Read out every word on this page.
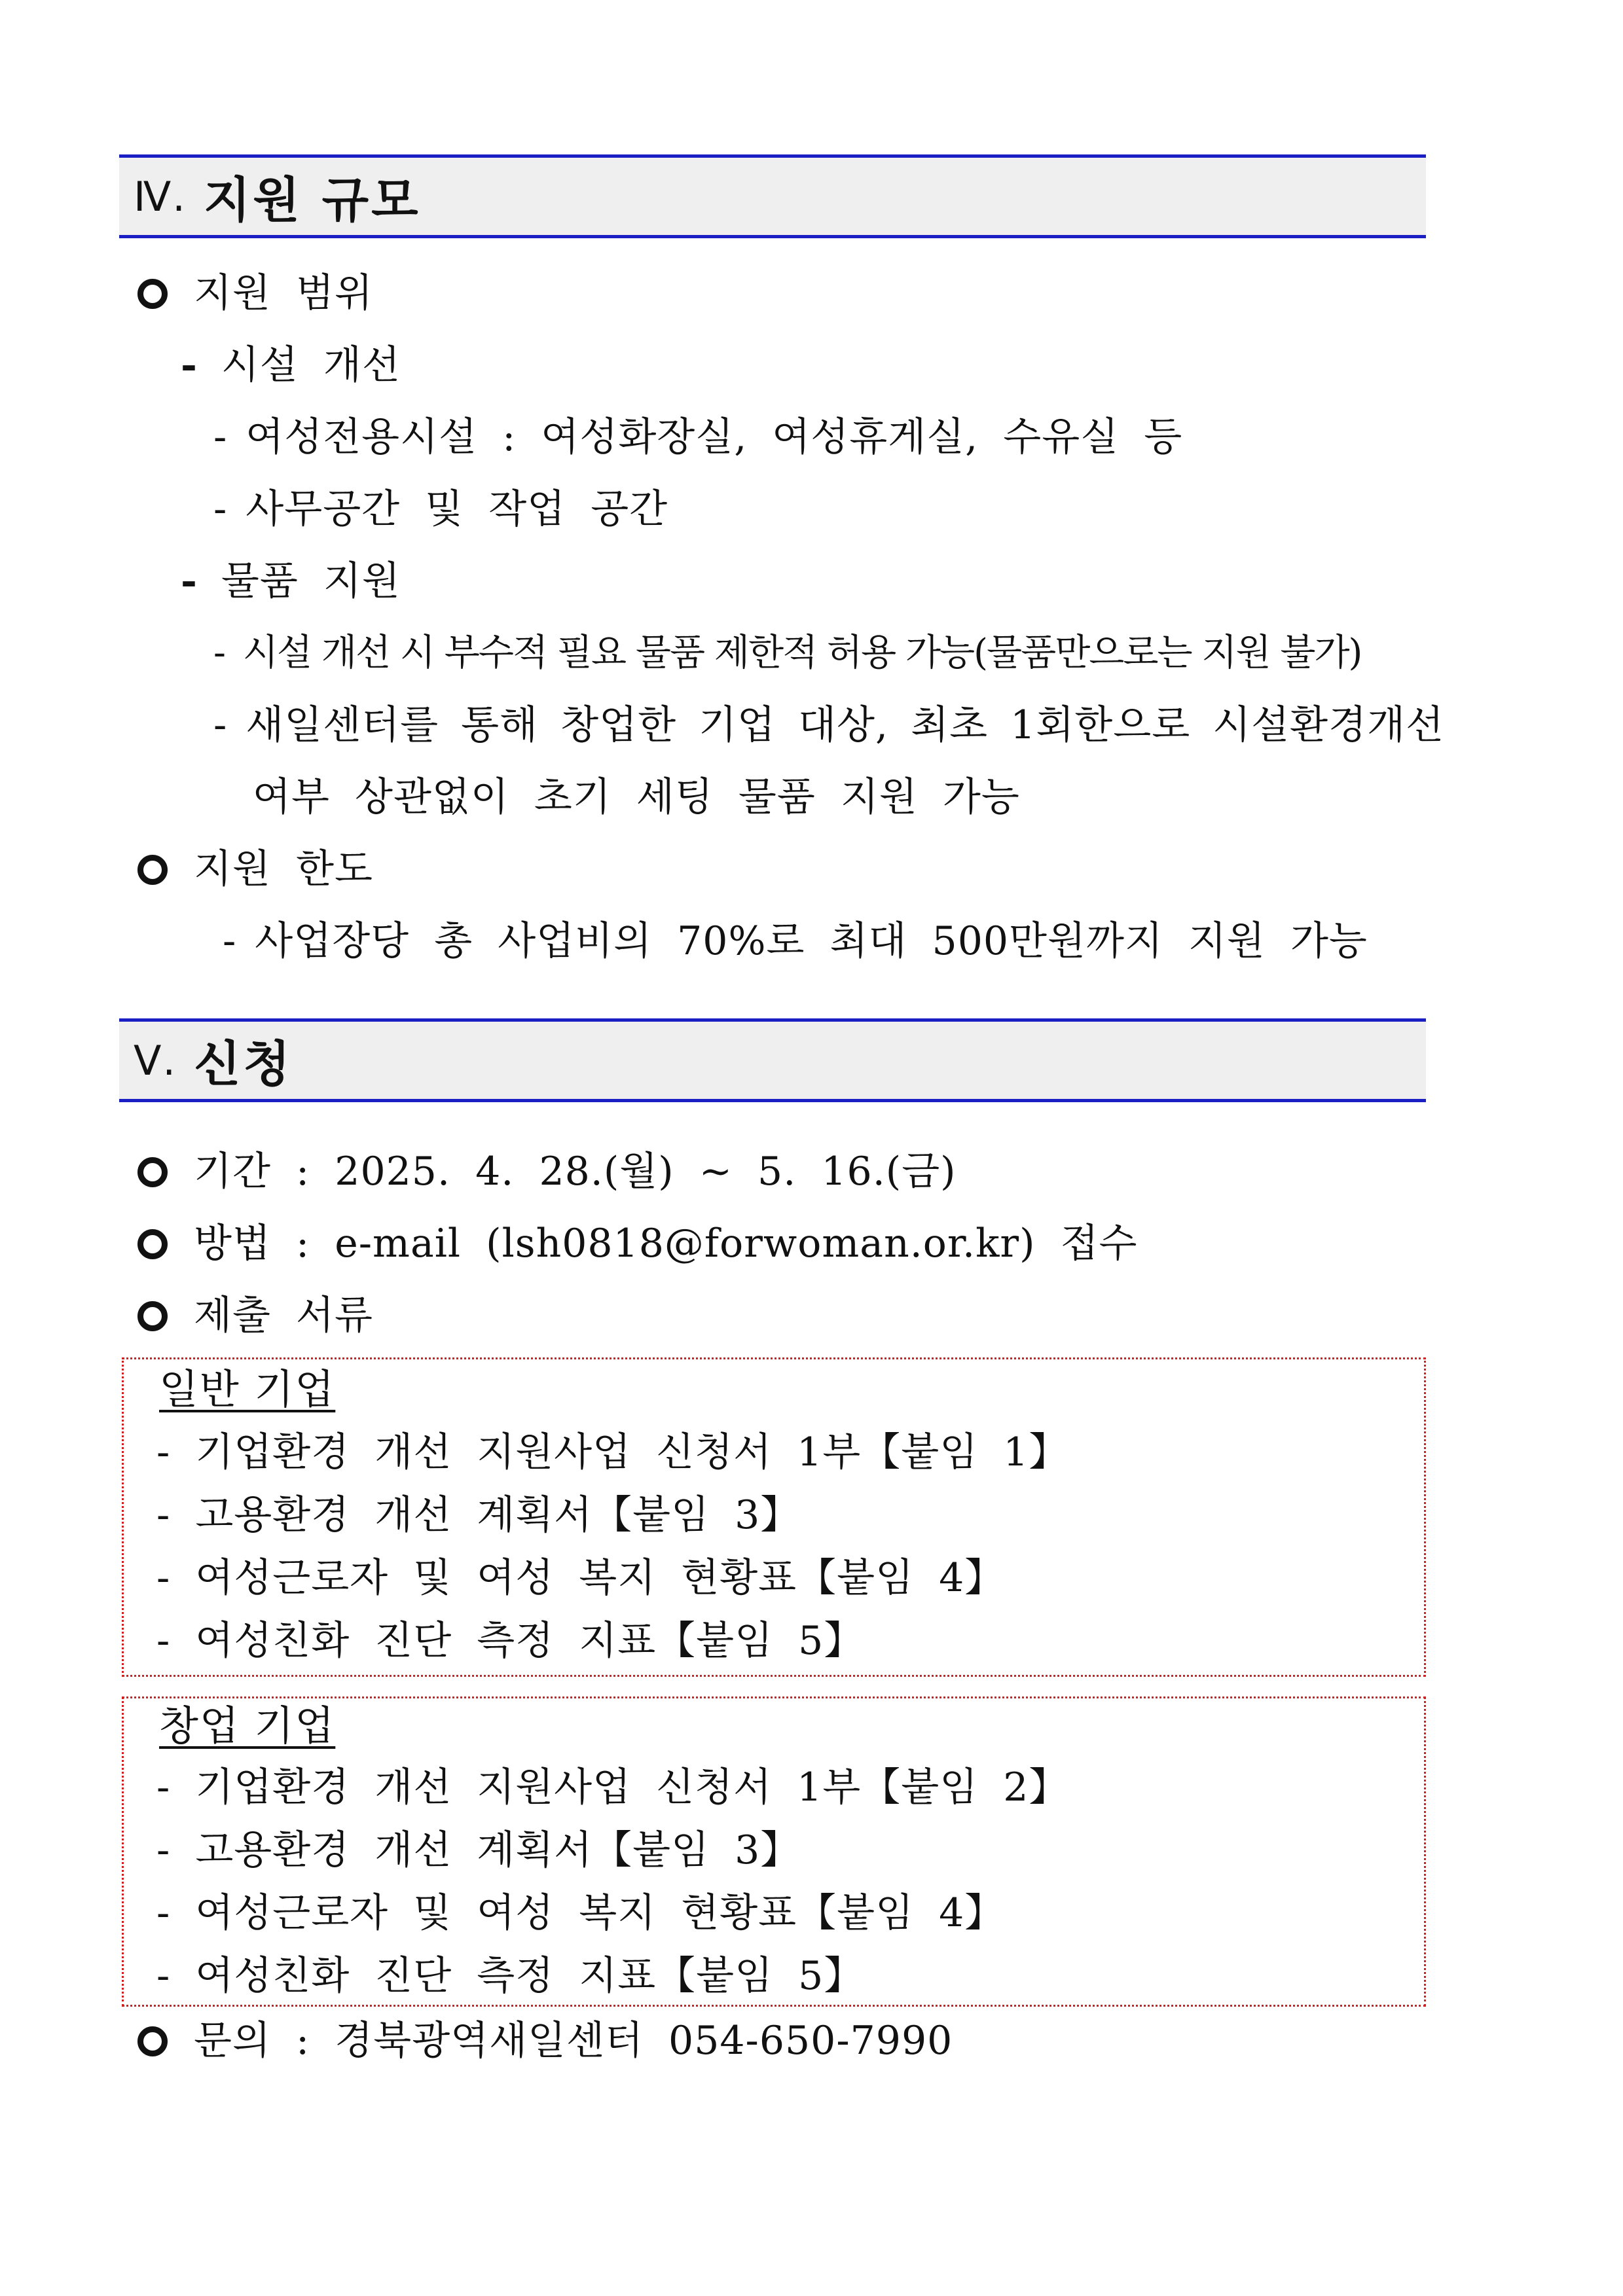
Ⅳ. 지원 규모
지원 범위
- 시설 개선
- 여성전용시설 : 여성화장실, 여성휴게실, 수유실 등
- 사무공간 및 작업 공간
- 물품 지원
- 시설 개선 시 부수적 필요 물품 제한적 허용 가능(물품만으로는 지원 불가)
- 새일센터를 통해 창업한 기업 대상, 최초 1회한으로 시설환경개선
여부 상관없이 초기 세팅 물품 지원 가능
지원 한도
- 사업장당 총 사업비의 70%로 최대 500만원까지 지원 가능
Ⅴ. 신청
기간 : 2025. 4. 28.(월) ~ 5. 16.(금)
방법 : e-mail (lsh0818@forwoman.or.kr) 접수
제출 서류
일반 기업
- 기업환경 개선 지원사업 신청서 1부【붙임 1】
- 고용환경 개선 계획서【붙임 3】
- 여성근로자 및 여성 복지 현황표【붙임 4】
- 여성친화 진단 측정 지표【붙임 5】
창업 기업
- 기업환경 개선 지원사업 신청서 1부【붙임 2】
- 고용환경 개선 계획서【붙임 3】
- 여성근로자 및 여성 복지 현황표【붙임 4】
- 여성친화 진단 측정 지표【붙임 5】
문의 : 경북광역새일센터 054-650-7990
